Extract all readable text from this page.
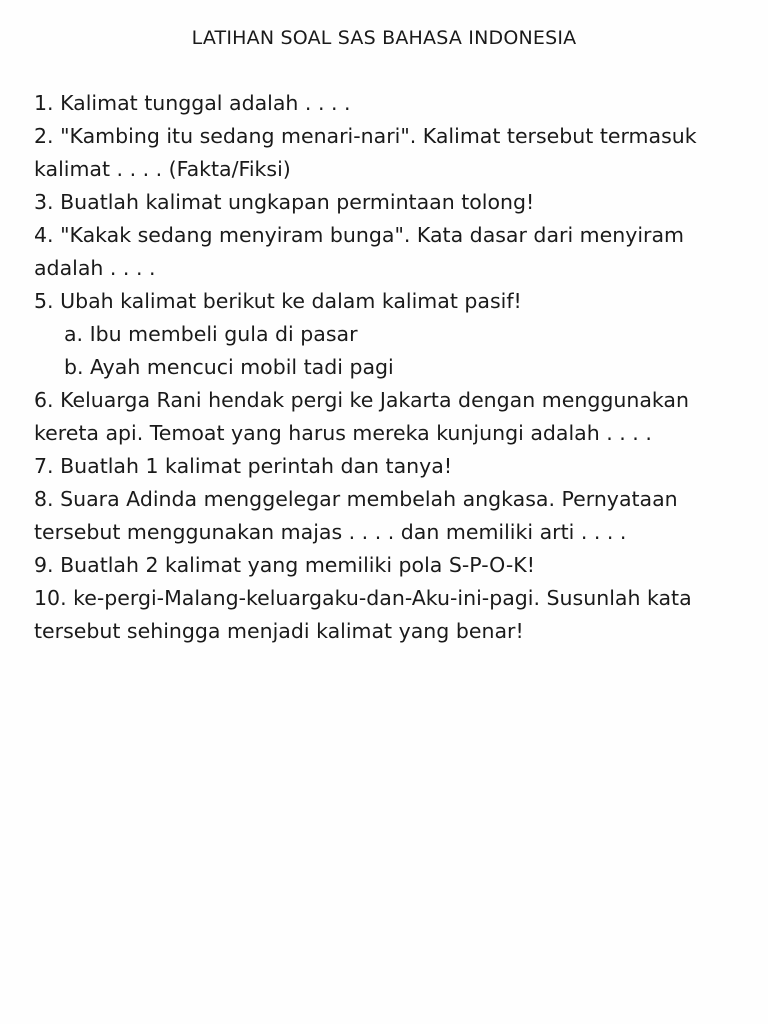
LATIHAN SOAL SAS BAHASA INDONESIA
1. Kalimat tunggal adalah . . . .
2. "Kambing itu sedang menari-nari". Kalimat tersebut termasuk
kalimat . . . . (Fakta/Fiksi)
3. Buatlah kalimat ungkapan permintaan tolong!
4. "Kakak sedang menyiram bunga". Kata dasar dari menyiram
adalah . . . .
5. Ubah kalimat berikut ke dalam kalimat pasif!
a. Ibu membeli gula di pasar
b. Ayah mencuci mobil tadi pagi
6. Keluarga Rani hendak pergi ke Jakarta dengan menggunakan
kereta api. Temoat yang harus mereka kunjungi adalah . . . .
7. Buatlah 1 kalimat perintah dan tanya!
8. Suara Adinda menggelegar membelah angkasa. Pernyataan
tersebut menggunakan majas . . . . dan memiliki arti . . . .
9. Buatlah 2 kalimat yang memiliki pola S-P-O-K!
10. ke-pergi-Malang-keluargaku-dan-Aku-ini-pagi. Susunlah kata
tersebut sehingga menjadi kalimat yang benar!
